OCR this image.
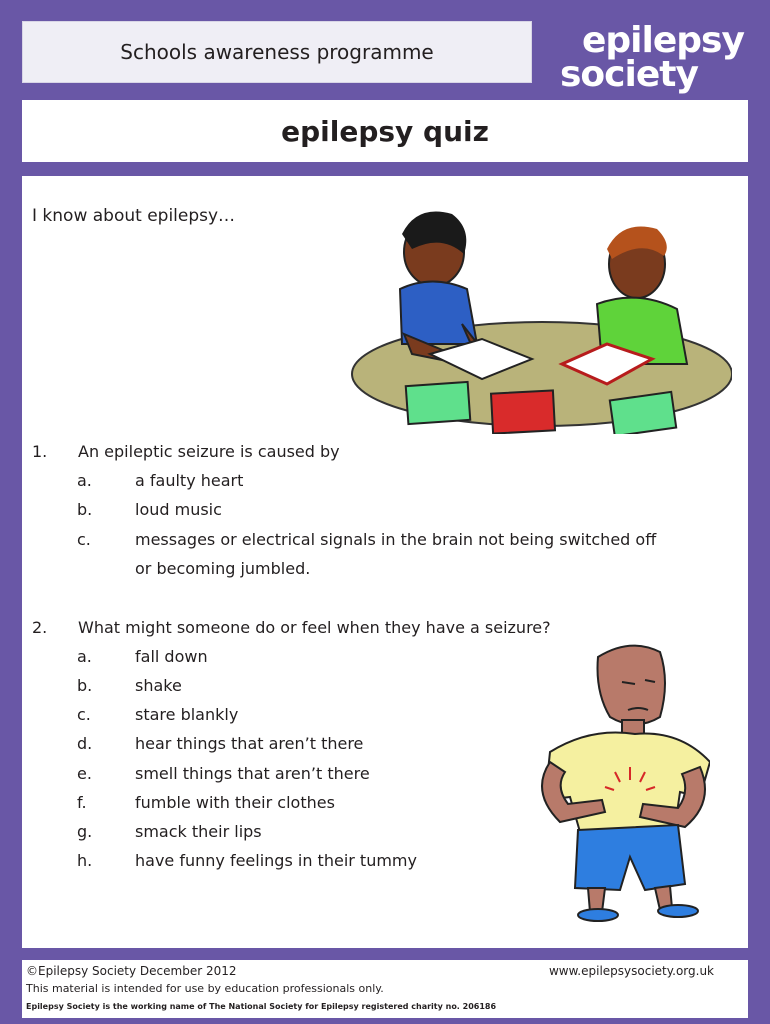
Schools awareness programme	epilepsy
society
epilepsy quiz
I know about epilepsy…
1. An epileptic seizure is caused by
a.	a faulty heart
b.	loud music
c.	messages or electrical signals in the brain not being switched off
or becoming jumbled.
2. What might someone do or feel when they have a seizure?
a.	fall down
b.	shake
c.	stare blankly
d.	hear things that aren’t there
e.	smell things that aren’t there
f.	fumble with their clothes
g.	smack their lips
h.	have funny feelings in their tummy
©Epilepsy Society December 2012
This material is intended for use by education professionals only.
Epilepsy Society is the working name of The National Society for Epilepsy registered charity no. 206186
www.epilepsysociety.org.uk
